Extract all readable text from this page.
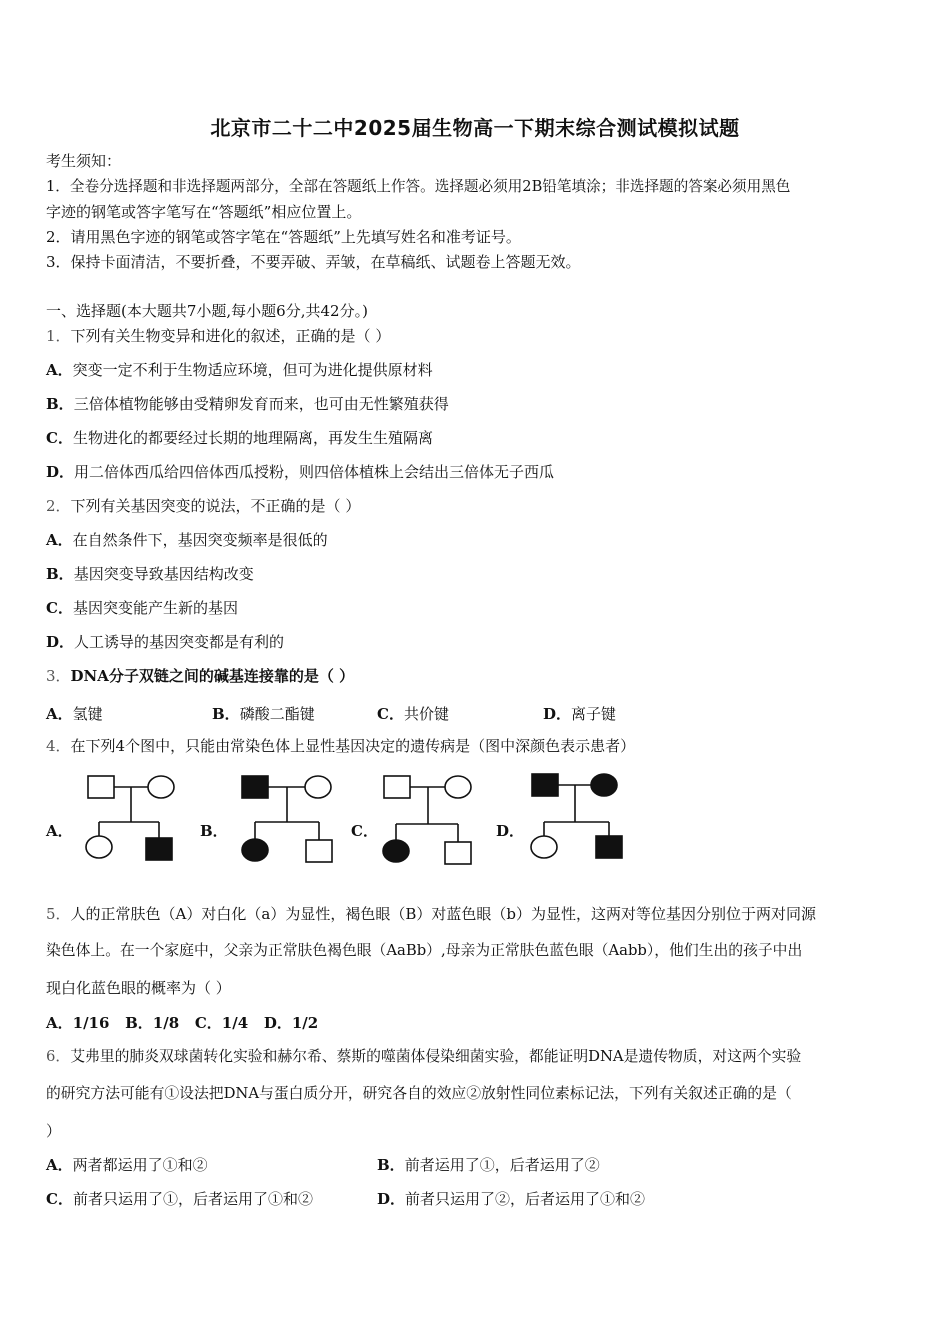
北京市二十二中2025届生物高一下期末综合测试模拟试题
考生须知：
1．全卷分选择题和非选择题两部分，全部在答题纸上作答。选择题必须用2B铅笔填涂；非选择题的答案必须用黑色
字迹的钢笔或答字笔写在“答题纸”相应位置上。
2．请用黑色字迹的钢笔或答字笔在“答题纸”上先填写姓名和准考证号。
3．保持卡面清洁，不要折叠，不要弄破、弄皱，在草稿纸、试题卷上答题无效。
一、选择题(本大题共7小题,每小题6分,共42分。)
1．下列有关生物变异和进化的叙述，正确的是（ ）
A．突变一定不利于生物适应环境，但可为进化提供原材料
B．三倍体植物能够由受精卵发育而来，也可由无性繁殖获得
C．生物进化的都要经过长期的地理隔离，再发生生殖隔离
D．用二倍体西瓜给四倍体西瓜授粉，则四倍体植株上会结出三倍体无子西瓜
2．下列有关基因突变的说法，不正确的是（ ）
A．在自然条件下，基因突变频率是很低的
B．基因突变导致基因结构改变
C．基因突变能产生新的基因
D．人工诱导的基因突变都是有利的
3．DNA分子双链之间的碱基连接靠的是（ ）
A．氢键	B．磷酸二酯键	C．共价键	D．离子键
4．在下列4个图中，只能由常染色体上显性基因决定的遗传病是（图中深颜色表示患者）
A．	B．	C．	D．
5．人的正常肤色（A）对白化（a）为显性，褐色眼（B）对蓝色眼（b）为显性，这两对等位基因分别位于两对同源
染色体上。在一个家庭中，父亲为正常肤色褐色眼（AaBb）,母亲为正常肤色蓝色眼（Aabb），他们生出的孩子中出
现白化蓝色眼的概率为（ ）
A．1/16 B．1/8 C．1/4 D．1/2
6．艾弗里的肺炎双球菌转化实验和赫尔希、蔡斯的噬菌体侵染细菌实验，都能证明DNA是遗传物质，对这两个实验
的研究方法可能有①设法把DNA与蛋白质分开，研究各自的效应②放射性同位素标记法，下列有关叙述正确的是（
）
A．两者都运用了①和②	B．前者运用了①，后者运用了②
C．前者只运用了①，后者运用了①和②	D．前者只运用了②，后者运用了①和②
